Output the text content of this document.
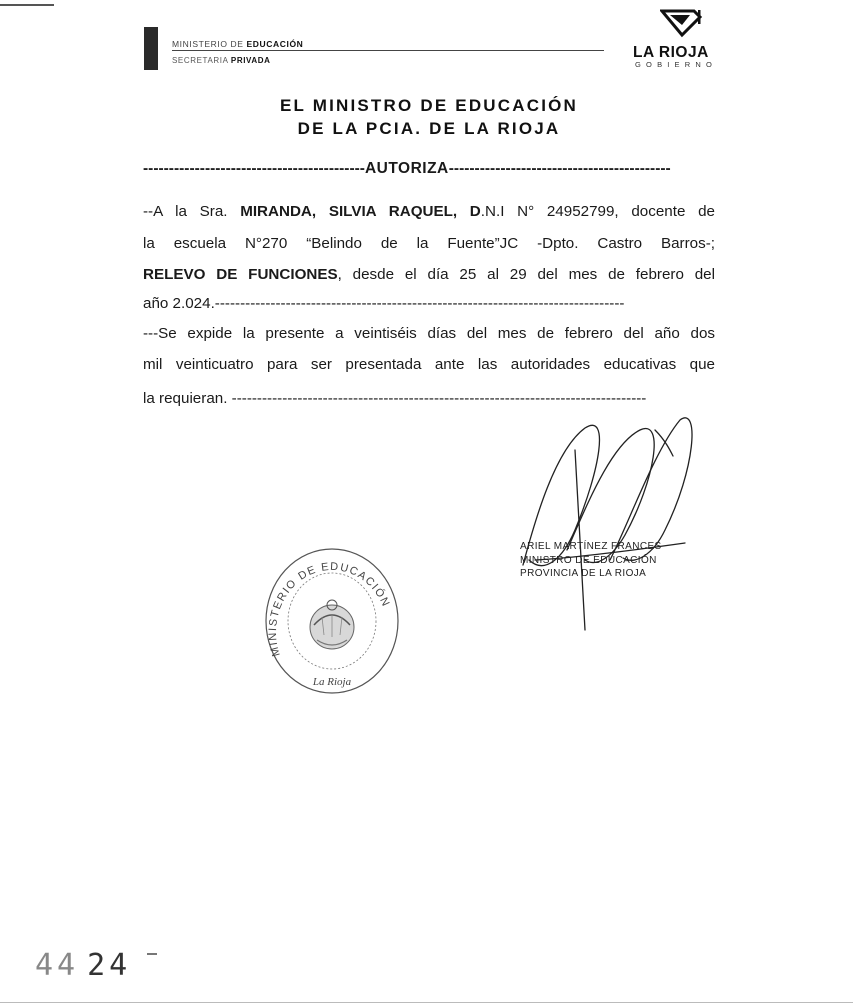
MINISTERIO DE EDUCACIÓN
SECRETARIA PRIVADA	LA RIOJA
GOBIERNO
EL MINISTRO DE EDUCACIÓN
DE LA PCIA. DE LA RIOJA
-------------------------------------------AUTORIZA-------------------------------------------
--A la Sra. MIRANDA, SILVIA RAQUEL, D.N.I N° 24952799, docente de
la escuela N°270 “Belindo de la Fuente”JC -Dpto. Castro Barros-;
RELEVO DE FUNCIONES, desde el día 25 al 29 del mes de febrero del
año 2.024.---------------------------------------------------------------------------------
---Se expide la presente a veintiséis días del mes de febrero del año dos
mil veinticuatro para ser presentada ante las autoridades educativas que
la requieran. ----------------------------------------------------------------------------------
ARIEL MARTÍNEZ FRANCES
MINISTRO DE EDUCACIÓN
PROVINCIA DE LA RIOJA
MINISTERIO DE EDUCACIÓN
La Rioja
44 24
